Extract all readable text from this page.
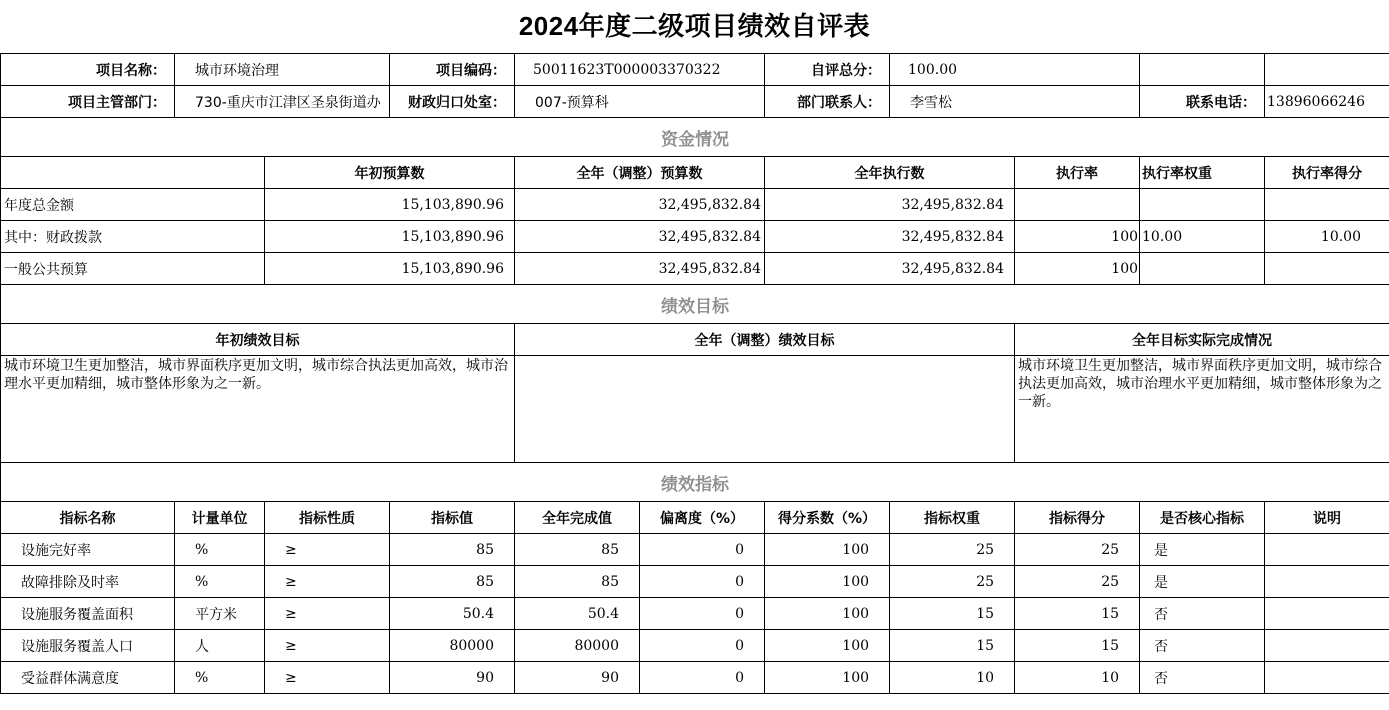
2024年度二级项目绩效自评表
项目名称：	城市环境治理		项目编码：	50011623T000003370322		自评总分：	100.00			
项目主管部门：	730-重庆市江津区圣泉街道办		财政归口处室：	007-预算科		部门联系人：	李雪松		联系电话：	13896066246
资金情况										
		年初预算数		全年（调整）预算数		全年执行数		执行率	执行率权重	执行率得分
年度总金额		15,103,890.96		32,495,832.84		32,495,832.84				
其中：财政拨款		15,103,890.96		32,495,832.84		32,495,832.84		100	10.00	10.00
一般公共预算		15,103,890.96		32,495,832.84		32,495,832.84		100		
绩效目标										
年初绩效目标				全年（调整）绩效目标				全年目标实际完成情况		
城市环境卫生更加整洁，城市界面秩序更加文明，城市综合执法更加高效，城市治理水平更加精细，城市整体形象为之一新。								城市环境卫生更加整洁，城市界面秩序更加文明，城市综合执法更加高效，城市治理水平更加精细，城市整体形象为之一新。		
绩效指标										
指标名称	计量单位	指标性质	指标值	全年完成值	偏离度（%）	得分系数（%）	指标权重	指标得分	是否核心指标	说明
设施完好率	%	≥	85	85	0	100	25	25	是	
故障排除及时率	%	≥	85	85	0	100	25	25	是	
设施服务覆盖面积	平方米	≥	50.4	50.4	0	100	15	15	否	
设施服务覆盖人口	人	≥	80000	80000	0	100	15	15	否	
受益群体满意度	%	≥	90	90	0	100	10	10	否	
